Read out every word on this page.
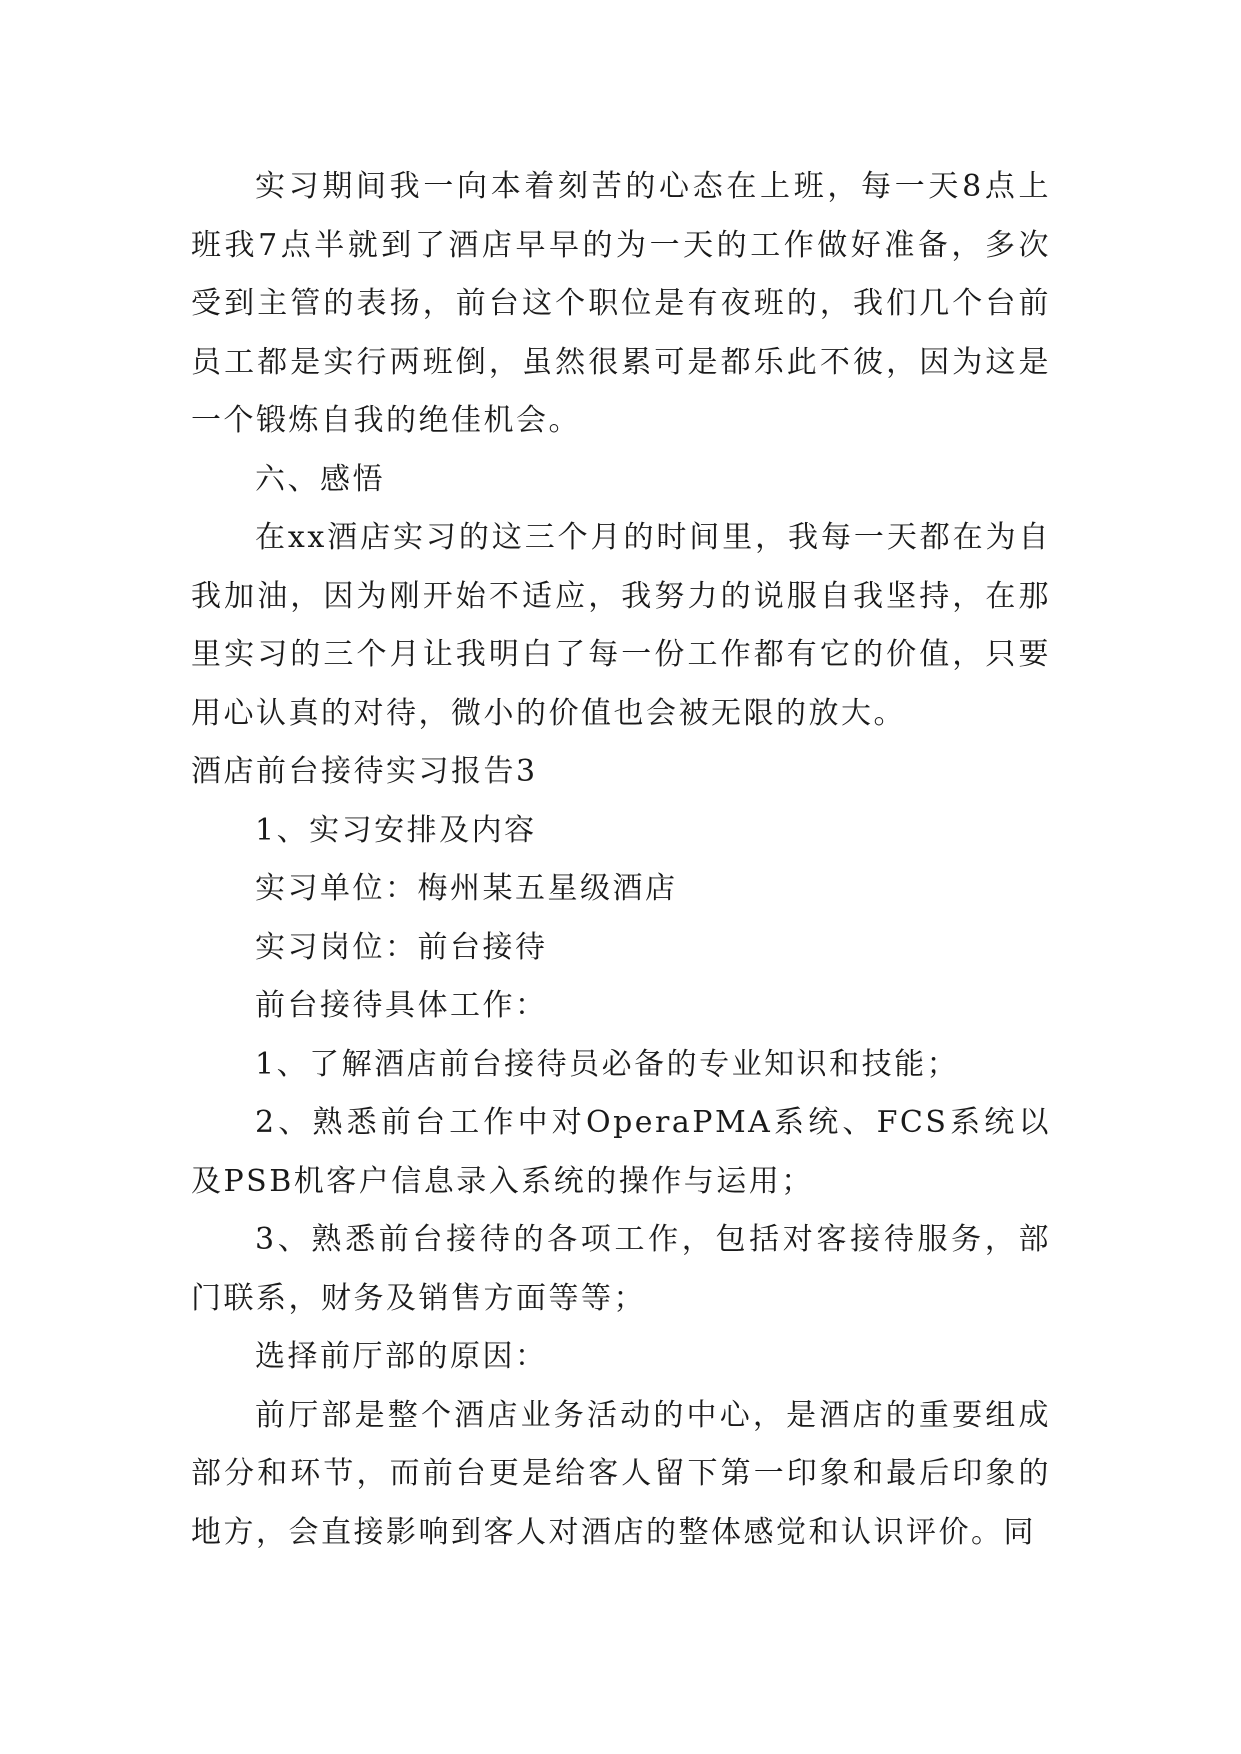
实习期间我一向本着刻苦的心态在上班，每一天8点上班我7点半就到了酒店早早的为一天的工作做好准备，多次受到主管的表扬，前台这个职位是有夜班的，我们几个台前员工都是实行两班倒，虽然很累可是都乐此不彼，因为这是一个锻炼自我的绝佳机会。

六、感悟

在xx酒店实习的这三个月的时间里，我每一天都在为自我加油，因为刚开始不适应，我努力的说服自我坚持，在那里实习的三个月让我明白了每一份工作都有它的价值，只要用心认真的对待，微小的价值也会被无限的放大。

酒店前台接待实习报告3

1、实习安排及内容

实习单位：梅州某五星级酒店

实习岗位：前台接待

前台接待具体工作：

1、了解酒店前台接待员必备的专业知识和技能；

2、熟悉前台工作中对OperaPMA系统、FCS系统以及PSB机客户信息录入系统的操作与运用；

3、熟悉前台接待的各项工作，包括对客接待服务，部门联系，财务及销售方面等等；

选择前厅部的原因：

前厅部是整个酒店业务活动的中心，是酒店的重要组成部分和环节，而前台更是给客人留下第一印象和最后印象的地方，会直接影响到客人对酒店的整体感觉和认识评价。同
